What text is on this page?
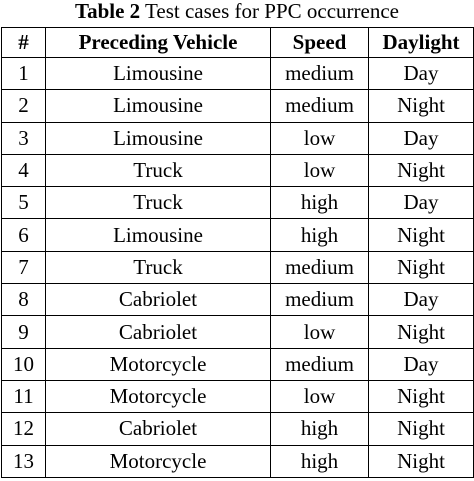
Table 2 Test cases for PPC occurrence
#	Preceding Vehicle	Speed	Daylight
1	Limousine	medium	Day
2	Limousine	medium	Night
3	Limousine	low	Day
4	Truck	low	Night
5	Truck	high	Day
6	Limousine	high	Night
7	Truck	medium	Night
8	Cabriolet	medium	Day
9	Cabriolet	low	Night
10	Motorcycle	medium	Day
11	Motorcycle	low	Night
12	Cabriolet	high	Night
13	Motorcycle	high	Night
